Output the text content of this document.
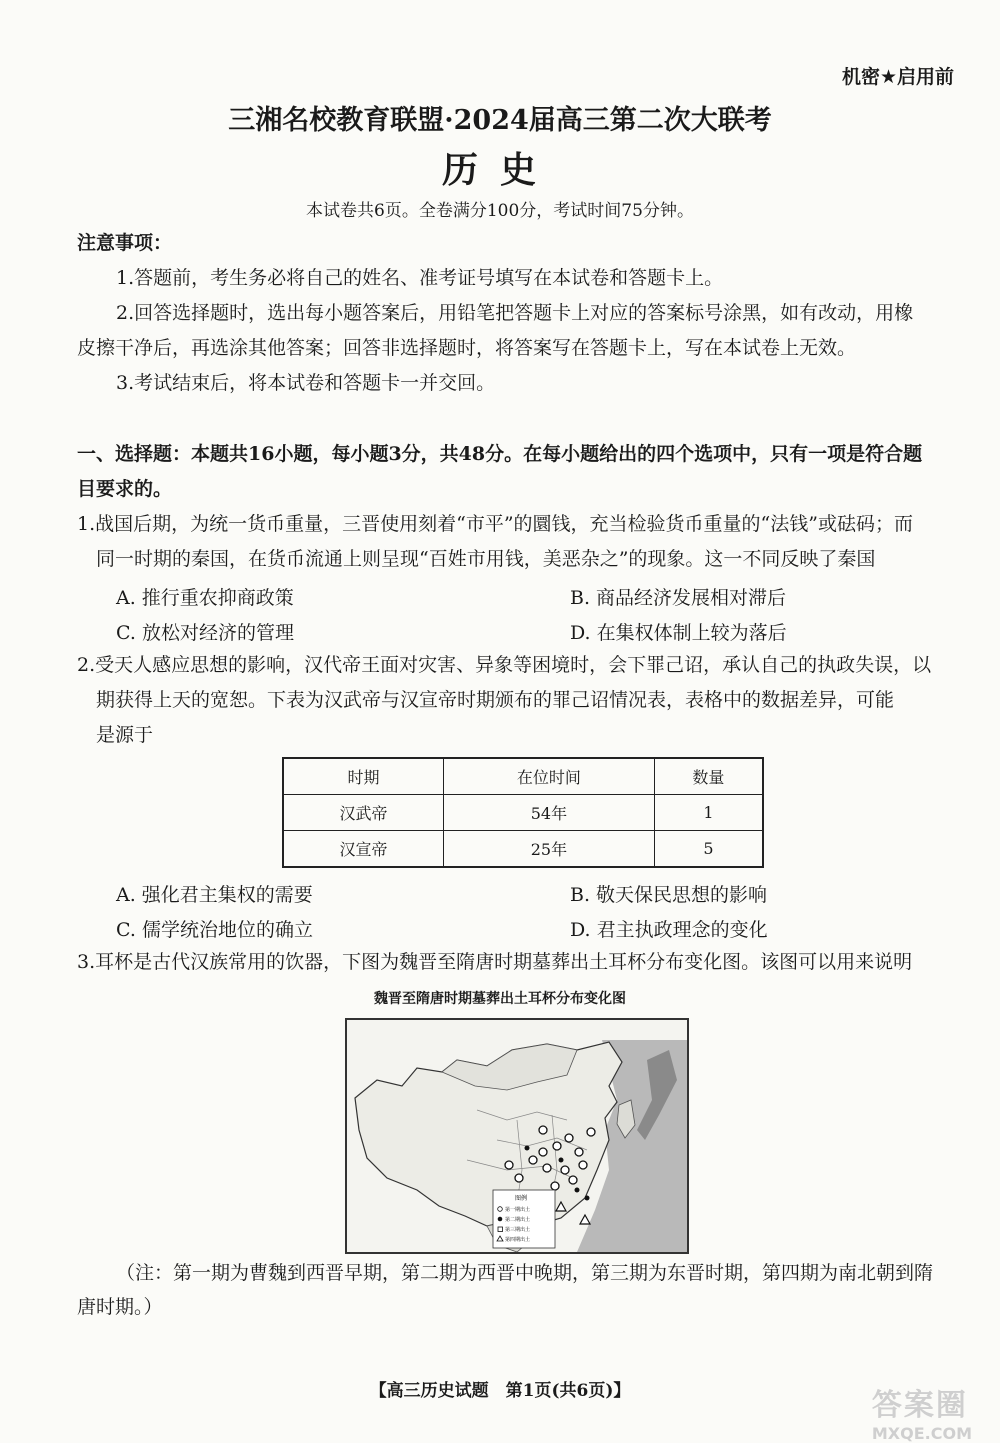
机密★启用前
三湘名校教育联盟·2024届高三第二次大联考
历史
本试卷共6页。全卷满分100分，考试时间75分钟。
注意事项：
1.答题前，考生务必将自己的姓名、准考证号填写在本试卷和答题卡上。
2.回答选择题时，选出每小题答案后，用铅笔把答题卡上对应的答案标号涂黑，如有改动，用橡
皮擦干净后，再选涂其他答案；回答非选择题时，将答案写在答题卡上，写在本试卷上无效。
3.考试结束后，将本试卷和答题卡一并交回。
一、选择题：本题共16小题，每小题3分，共48分。在每小题给出的四个选项中，只有一项是符合题
目要求的。
1.战国后期，为统一货币重量，三晋使用刻着“市平”的圜钱，充当检验货币重量的“法钱”或砝码；而
同一时期的秦国，在货币流通上则呈现“百姓市用钱，美恶杂之”的现象。这一不同反映了秦国
A. 推行重农抑商政策	B. 商品经济发展相对滞后
C. 放松对经济的管理	D. 在集权体制上较为落后
2.受天人感应思想的影响，汉代帝王面对灾害、异象等困境时，会下罪己诏，承认自己的执政失误，以
期获得上天的宽恕。下表为汉武帝与汉宣帝时期颁布的罪己诏情况表，表格中的数据差异，可能
是源于
时期	在位时间	数量
汉武帝	54年	1
汉宣帝	25年	5
A. 强化君主集权的需要	B. 敬天保民思想的影响
C. 儒学统治地位的确立	D. 君主执政理念的变化
3.耳杯是古代汉族常用的饮器，下图为魏晋至隋唐时期墓葬出土耳杯分布变化图。该图可以用来说明
魏晋至隋唐时期墓葬出土耳杯分布变化图
图例
第一期出土
第二期出土
第三期出土
第四期出土
（注：第一期为曹魏到西晋早期，第二期为西晋中晚期，第三期为东晋时期，第四期为南北朝到隋
唐时期。）
【高三历史试题　第1页(共6页)】	答案圈
MXQE.COM
